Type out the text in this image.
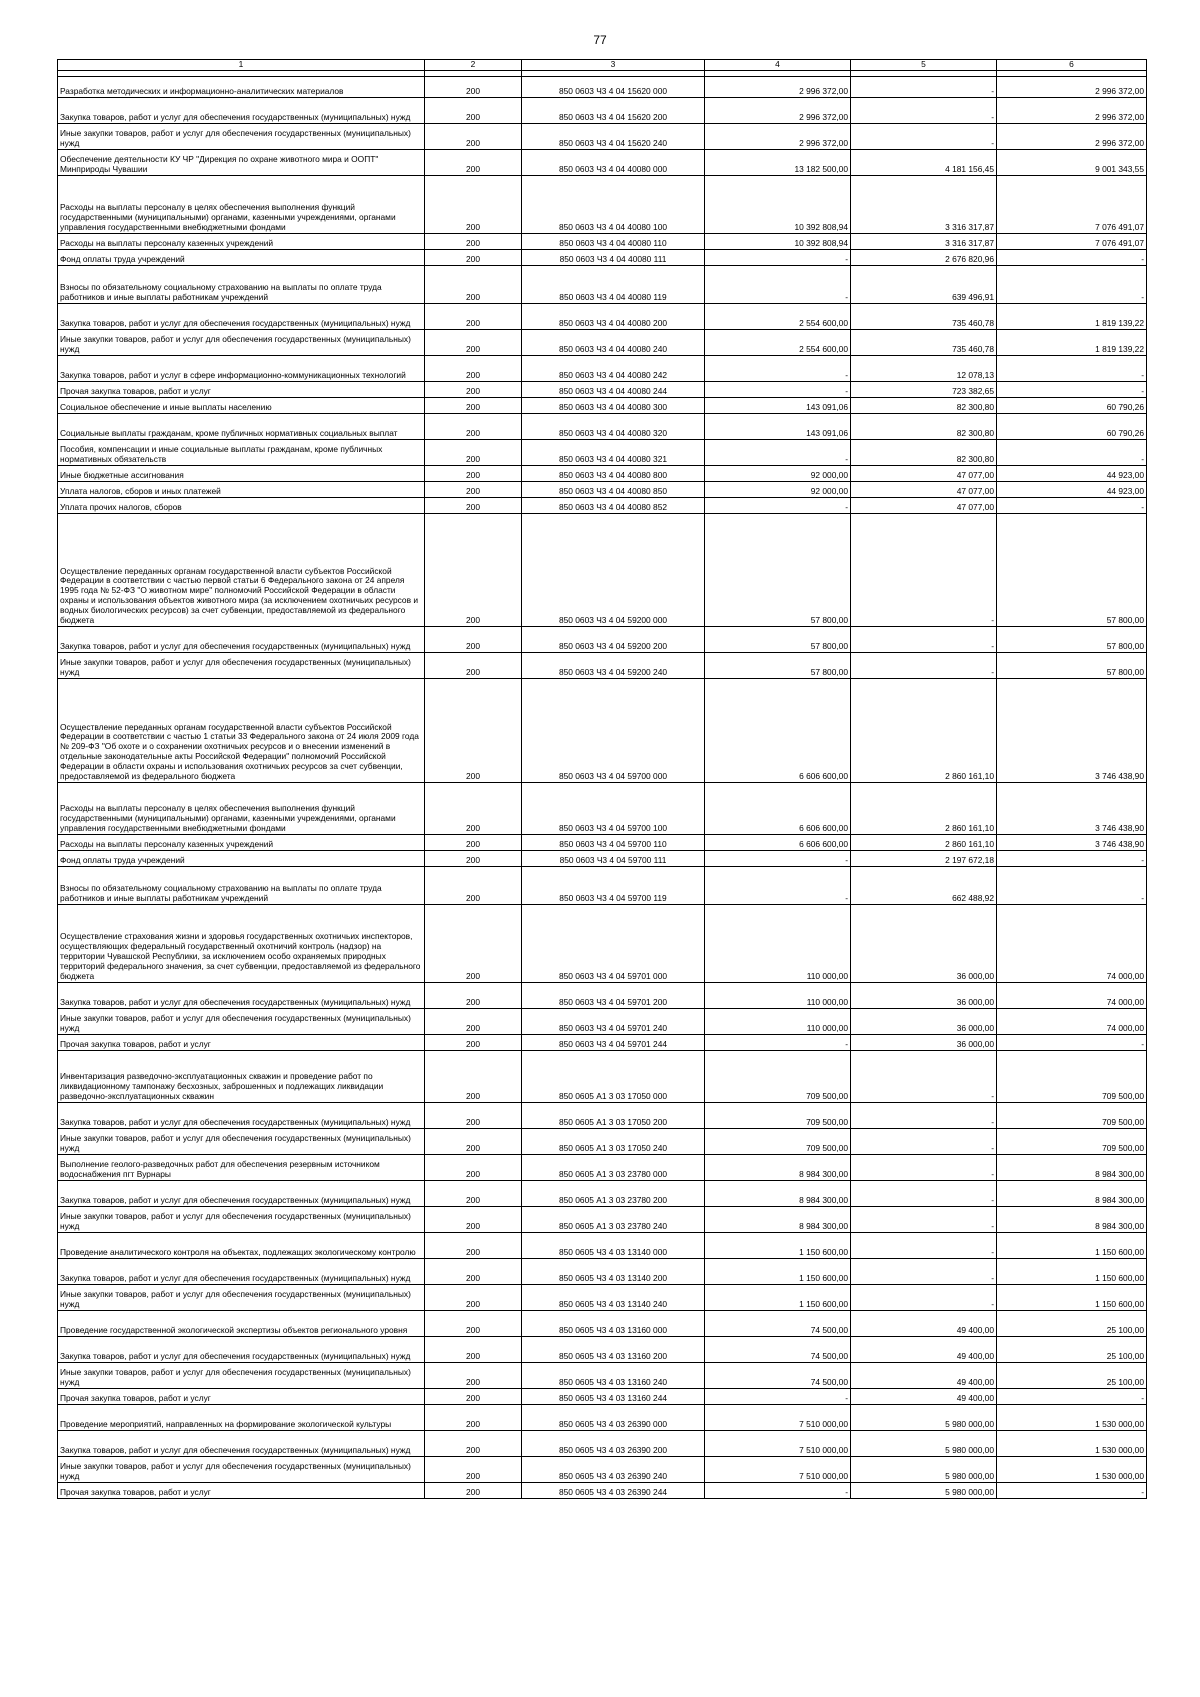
77
1	2	3	4	5	6

Разработка методических и информационно-аналитических материалов	200	850 0603 Ч3 4 04 15620 000	2 996 372,00	-	2 996 372,00
Закупка товаров, работ и услуг для обеспечения государственных (муниципальных) нужд	200	850 0603 Ч3 4 04 15620 200	2 996 372,00	-	2 996 372,00
Иные закупки товаров, работ и услуг для обеспечения государственных (муниципальных) нужд	200	850 0603 Ч3 4 04 15620 240	2 996 372,00	-	2 996 372,00
Обеспечение деятельности КУ ЧР "Дирекция по охране животного мира и ООПТ" Минприроды Чувашии	200	850 0603 Ч3 4 04 40080 000	13 182 500,00	4 181 156,45	9 001 343,55
Расходы на выплаты персоналу в целях обеспечения выполнения функций государственными (муниципальными) органами, казенными учреждениями, органами управления государственными внебюджетными фондами	200	850 0603 Ч3 4 04 40080 100	10 392 808,94	3 316 317,87	7 076 491,07
Расходы на выплаты персоналу казенных учреждений	200	850 0603 Ч3 4 04 40080 110	10 392 808,94	3 316 317,87	7 076 491,07
Фонд оплаты труда учреждений	200	850 0603 Ч3 4 04 40080 111	-	2 676 820,96	-
Взносы по обязательному социальному страхованию на выплаты по оплате труда работников и иные выплаты работникам учреждений	200	850 0603 Ч3 4 04 40080 119	-	639 496,91	-
Закупка товаров, работ и услуг для обеспечения государственных (муниципальных) нужд	200	850 0603 Ч3 4 04 40080 200	2 554 600,00	735 460,78	1 819 139,22
Иные закупки товаров, работ и услуг для обеспечения государственных (муниципальных) нужд	200	850 0603 Ч3 4 04 40080 240	2 554 600,00	735 460,78	1 819 139,22
Закупка товаров, работ и услуг в сфере информационно-коммуникационных технологий	200	850 0603 Ч3 4 04 40080 242	-	12 078,13	-
Прочая закупка товаров, работ и услуг	200	850 0603 Ч3 4 04 40080 244	-	723 382,65	-
Социальное обеспечение и иные выплаты населению	200	850 0603 Ч3 4 04 40080 300	143 091,06	82 300,80	60 790,26
Социальные выплаты гражданам, кроме публичных нормативных социальных выплат	200	850 0603 Ч3 4 04 40080 320	143 091,06	82 300,80	60 790,26
Пособия, компенсации и иные социальные выплаты гражданам, кроме публичных нормативных обязательств	200	850 0603 Ч3 4 04 40080 321	-	82 300,80	-
Иные бюджетные ассигнования	200	850 0603 Ч3 4 04 40080 800	92 000,00	47 077,00	44 923,00
Уплата налогов, сборов и иных платежей	200	850 0603 Ч3 4 04 40080 850	92 000,00	47 077,00	44 923,00
Уплата прочих налогов, сборов	200	850 0603 Ч3 4 04 40080 852	-	47 077,00	-
Осуществление переданных органам государственной власти субъектов Российской Федерации в соответствии с частью первой статьи 6 Федерального закона от 24 апреля 1995 года № 52-ФЗ "О животном мире" полномочий Российской Федерации в области охраны и использования объектов животного мира (за исключением охотничьих ресурсов и водных биологических ресурсов) за счет субвенции, предоставляемой из федерального бюджета	200	850 0603 Ч3 4 04 59200 000	57 800,00	-	57 800,00
Закупка товаров, работ и услуг для обеспечения государственных (муниципальных) нужд	200	850 0603 Ч3 4 04 59200 200	57 800,00	-	57 800,00
Иные закупки товаров, работ и услуг для обеспечения государственных (муниципальных) нужд	200	850 0603 Ч3 4 04 59200 240	57 800,00	-	57 800,00
Осуществление переданных органам государственной власти субъектов Российской Федерации в соответствии с частью 1 статьи 33 Федерального закона от 24 июля 2009 года № 209-ФЗ "Об охоте и о сохранении охотничьих ресурсов и о внесении изменений в отдельные законодательные акты Российской Федерации" полномочий Российской Федерации в области охраны и использования охотничьих ресурсов за счет субвенции, предоставляемой из федерального бюджета	200	850 0603 Ч3 4 04 59700 000	6 606 600,00	2 860 161,10	3 746 438,90
Расходы на выплаты персоналу в целях обеспечения выполнения функций государственными (муниципальными) органами, казенными учреждениями, органами управления государственными внебюджетными фондами	200	850 0603 Ч3 4 04 59700 100	6 606 600,00	2 860 161,10	3 746 438,90
Расходы на выплаты персоналу казенных учреждений	200	850 0603 Ч3 4 04 59700 110	6 606 600,00	2 860 161,10	3 746 438,90
Фонд оплаты труда учреждений	200	850 0603 Ч3 4 04 59700 111	-	2 197 672,18	-
Взносы по обязательному социальному страхованию на выплаты по оплате труда работников и иные выплаты работникам учреждений	200	850 0603 Ч3 4 04 59700 119	-	662 488,92	-
Осуществление страхования жизни и здоровья государственных охотничьих инспекторов, осуществляющих федеральный государственный охотничий контроль (надзор) на территории Чувашской Республики, за исключением особо охраняемых природных территорий федерального значения, за счет субвенции, предоставляемой из федерального бюджета	200	850 0603 Ч3 4 04 59701 000	110 000,00	36 000,00	74 000,00
Закупка товаров, работ и услуг для обеспечения государственных (муниципальных) нужд	200	850 0603 Ч3 4 04 59701 200	110 000,00	36 000,00	74 000,00
Иные закупки товаров, работ и услуг для обеспечения государственных (муниципальных) нужд	200	850 0603 Ч3 4 04 59701 240	110 000,00	36 000,00	74 000,00
Прочая закупка товаров, работ и услуг	200	850 0603 Ч3 4 04 59701 244	-	36 000,00	-
Инвентаризация разведочно-эксплуатационных скважин и проведение работ по ликвидационному тампонажу бесхозных, заброшенных и подлежащих ликвидации разведочно-эксплуатационных скважин	200	850 0605 А1 3 03 17050 000	709 500,00	-	709 500,00
Закупка товаров, работ и услуг для обеспечения государственных (муниципальных) нужд	200	850 0605 А1 3 03 17050 200	709 500,00	-	709 500,00
Иные закупки товаров, работ и услуг для обеспечения государственных (муниципальных) нужд	200	850 0605 А1 3 03 17050 240	709 500,00	-	709 500,00
Выполнение геолого-разведочных работ для обеспечения резервным источником водоснабжения пгт Вурнары	200	850 0605 А1 3 03 23780 000	8 984 300,00	-	8 984 300,00
Закупка товаров, работ и услуг для обеспечения государственных (муниципальных) нужд	200	850 0605 А1 3 03 23780 200	8 984 300,00	-	8 984 300,00
Иные закупки товаров, работ и услуг для обеспечения государственных (муниципальных) нужд	200	850 0605 А1 3 03 23780 240	8 984 300,00	-	8 984 300,00
Проведение аналитического контроля на объектах, подлежащих экологическому контролю	200	850 0605 Ч3 4 03 13140 000	1 150 600,00	-	1 150 600,00
Закупка товаров, работ и услуг для обеспечения государственных (муниципальных) нужд	200	850 0605 Ч3 4 03 13140 200	1 150 600,00	-	1 150 600,00
Иные закупки товаров, работ и услуг для обеспечения государственных (муниципальных) нужд	200	850 0605 Ч3 4 03 13140 240	1 150 600,00	-	1 150 600,00
Проведение государственной экологической экспертизы объектов регионального уровня	200	850 0605 Ч3 4 03 13160 000	74 500,00	49 400,00	25 100,00
Закупка товаров, работ и услуг для обеспечения государственных (муниципальных) нужд	200	850 0605 Ч3 4 03 13160 200	74 500,00	49 400,00	25 100,00
Иные закупки товаров, работ и услуг для обеспечения государственных (муниципальных) нужд	200	850 0605 Ч3 4 03 13160 240	74 500,00	49 400,00	25 100,00
Прочая закупка товаров, работ и услуг	200	850 0605 Ч3 4 03 13160 244	-	49 400,00	-
Проведение мероприятий, направленных на формирование экологической культуры	200	850 0605 Ч3 4 03 26390 000	7 510 000,00	5 980 000,00	1 530 000,00
Закупка товаров, работ и услуг для обеспечения государственных (муниципальных) нужд	200	850 0605 Ч3 4 03 26390 200	7 510 000,00	5 980 000,00	1 530 000,00
Иные закупки товаров, работ и услуг для обеспечения государственных (муниципальных) нужд	200	850 0605 Ч3 4 03 26390 240	7 510 000,00	5 980 000,00	1 530 000,00
Прочая закупка товаров, работ и услуг	200	850 0605 Ч3 4 03 26390 244	-	5 980 000,00	-
